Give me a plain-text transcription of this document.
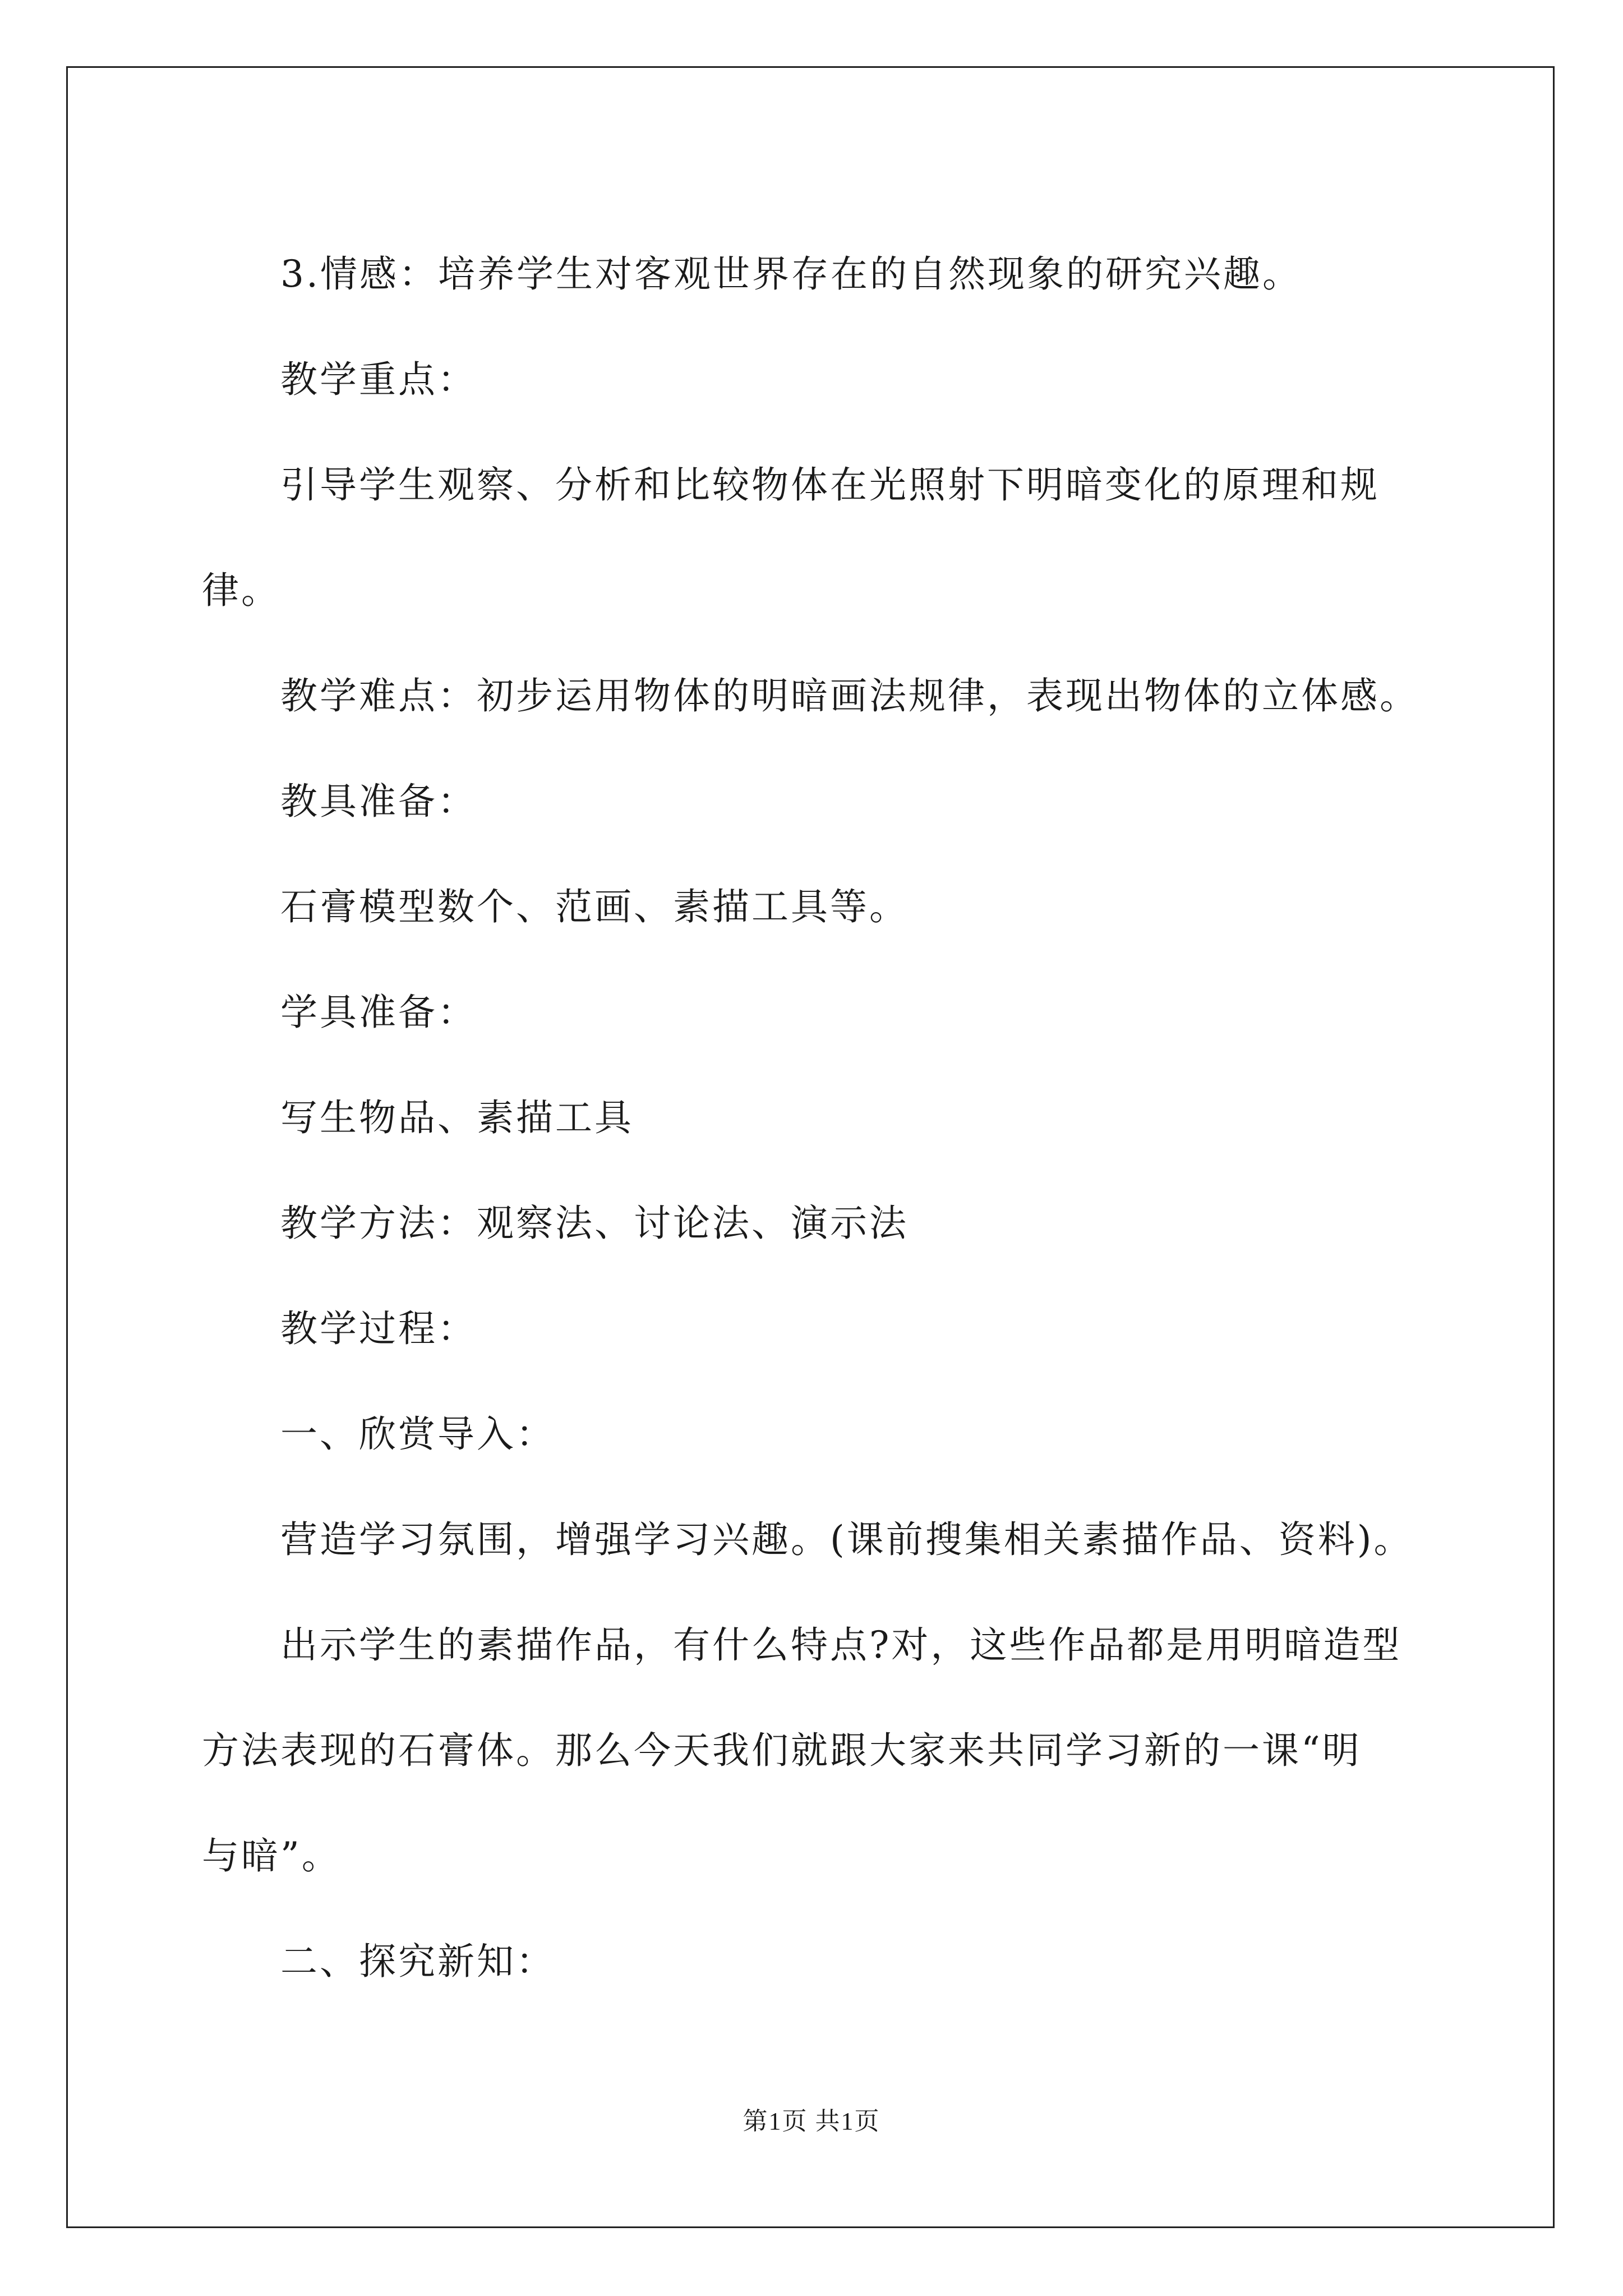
3.情感：培养学生对客观世界存在的自然现象的研究兴趣。

教学重点：

引导学生观察、分析和比较物体在光照射下明暗变化的原理和规

律。

教学难点：初步运用物体的明暗画法规律，表现出物体的立体感。

教具准备：

石膏模型数个、范画、素描工具等。

学具准备：

写生物品、素描工具

教学方法：观察法、讨论法、演示法

教学过程：

一、欣赏导入：

营造学习氛围，增强学习兴趣。(课前搜集相关素描作品、资料)。

出示学生的素描作品，有什么特点?对，这些作品都是用明暗造型

方法表现的石膏体。那么今天我们就跟大家来共同学习新的一课“明

与暗”。

二、探究新知：

第1页 共1页
